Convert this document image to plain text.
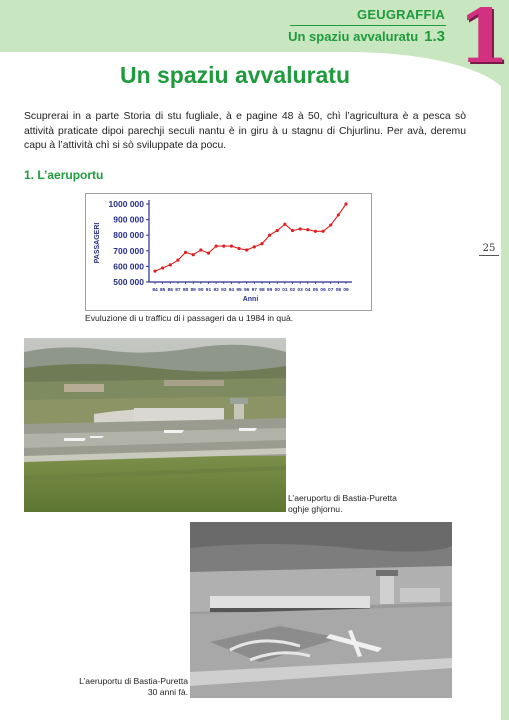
GEUGRAFFIA
Un spaziu avvaluratu 1.3 1
Un spaziu avvaluratu
Scuprerai in a parte Storia di stu fugliale, à e pagine 48 à 50, chì l’agricultura è a pesca sò attività praticate dipoi parechji seculi nantu è in giru à u stagnu di Chjurlinu. Per avà, deremu capu à l’attività chì si sò sviluppate da pocu.
1. L’aeruportu
25
500 000
600 000
700 000
800 000
900 000
1000 000
84 85 86 87 88 89 90 91 92 93 94 95 96 97 98 99 00 01 02 03 04 05 06 07 08 09
PASSAGERI
Anni
Evuluzione di u trafficu di i passageri da u 1984 in quà.
L’aeruportu di Bastia-Puretta
oghje ghjornu.
L’aeruportu di Bastia-Puretta
30 anni fà.
